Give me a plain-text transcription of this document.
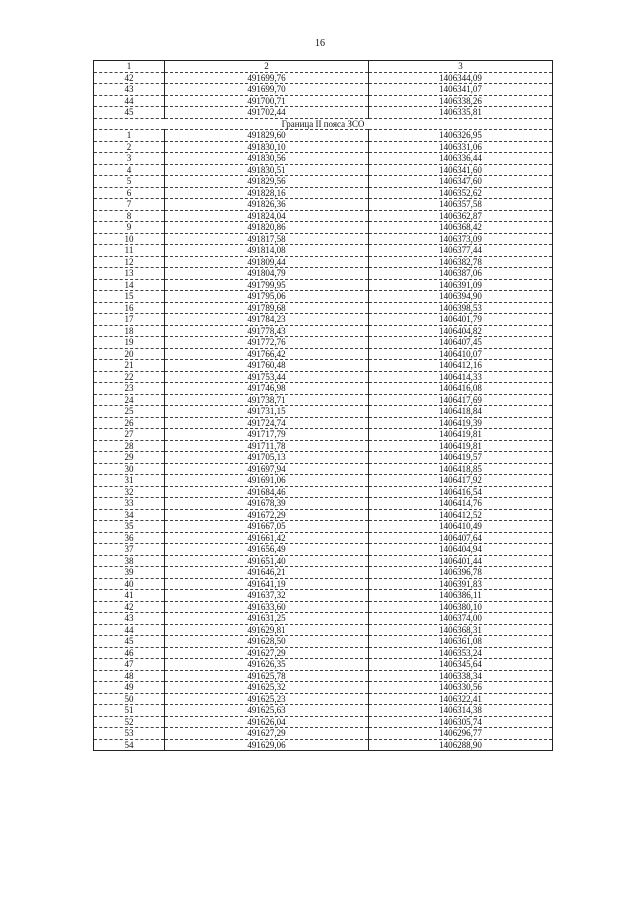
16
1	2	3
42	491699,76	1406344,09
43	491699,70	1406341,07
44	491700,71	1406338,26
45	491702,44	1406335,81
Граница II пояса ЗСО		
1	491829,60	1406326,95
2	491830,10	1406331,06
3	491830,56	1406336,44
4	491830,51	1406341,60
5	491829,56	1406347,60
6	491828,16	1406352,62
7	491826,36	1406357,58
8	491824,04	1406362,87
9	491820,86	1406368,42
10	491817,58	1406373,09
11	491814,08	1406377,44
12	491809,44	1406382,78
13	491804,79	1406387,06
14	491799,95	1406391,09
15	491795,06	1406394,90
16	491789,68	1406398,53
17	491784,23	1406401,79
18	491778,43	1406404,82
19	491772,76	1406407,45
20	491766,42	1406410,07
21	491760,48	1406412,16
22	491753,44	1406414,33
23	491746,98	1406416,08
24	491738,71	1406417,69
25	491731,15	1406418,84
26	491724,74	1406419,39
27	491717,79	1406419,81
28	491711,78	1406419,81
29	491705,13	1406419,57
30	491697,94	1406418,85
31	491691,06	1406417,92
32	491684,46	1406416,54
33	491678,39	1406414,76
34	491672,29	1406412,52
35	491667,05	1406410,49
36	491661,42	1406407,64
37	491656,49	1406404,94
38	491651,40	1406401,44
39	491646,21	1406396,78
40	491641,19	1406391,83
41	491637,32	1406386,11
42	491633,60	1406380,10
43	491631,25	1406374,00
44	491629,81	1406368,31
45	491628,50	1406361,08
46	491627,29	1406353,24
47	491626,35	1406345,64
48	491625,78	1406338,34
49	491625,32	1406330,56
50	491625,23	1406322,41
51	491625,63	1406314,38
52	491626,04	1406305,74
53	491627,29	1406296,77
54	491629,06	1406288,90
